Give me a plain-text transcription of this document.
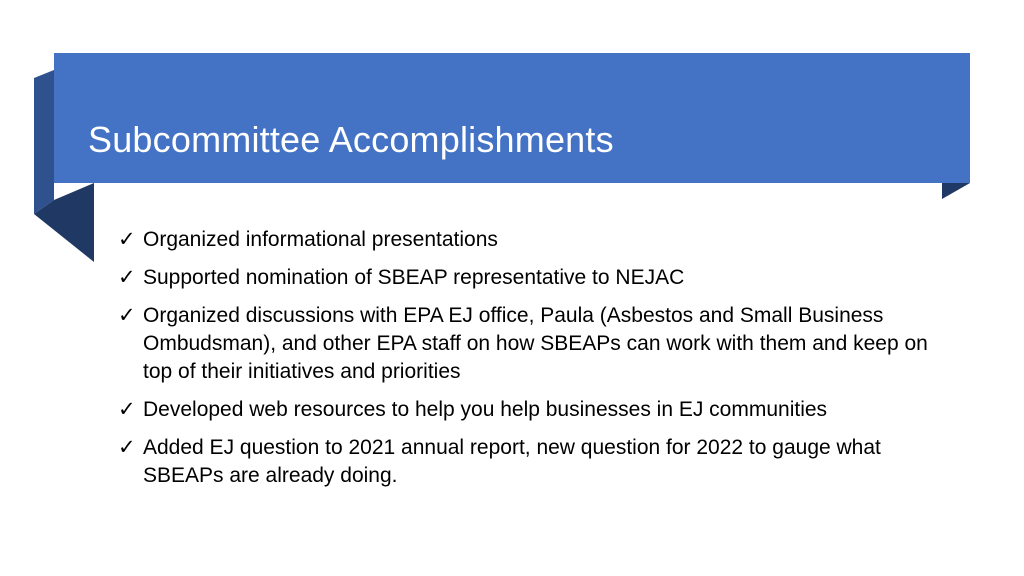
Subcommittee Accomplishments
✓ Organized informational presentations
✓ Supported nomination of SBEAP representative to NEJAC
✓ Organized discussions with EPA EJ office, Paula (Asbestos and Small Business Ombudsman), and other EPA staff on how SBEAPs can work with them and keep on top of their initiatives and priorities
✓ Developed web resources to help you help businesses in EJ communities
✓ Added EJ question to 2021 annual report, new question for 2022 to gauge what SBEAPs are already doing.
